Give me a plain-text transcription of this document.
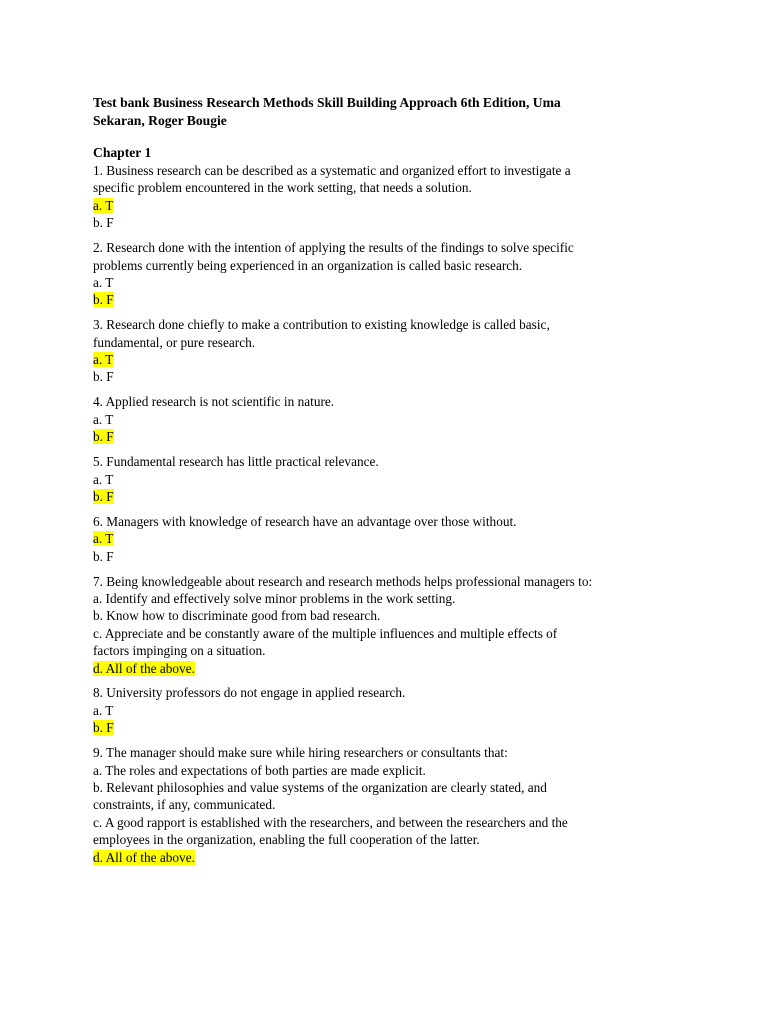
Test bank Business Research Methods Skill Building Approach 6th Edition, Uma
Sekaran, Roger Bougie
Chapter 1
1. Business research can be described as a systematic and organized effort to investigate a
specific problem encountered in the work setting, that needs a solution.
a. T
b. F
2. Research done with the intention of applying the results of the findings to solve specific
problems currently being experienced in an organization is called basic research.
a. T
b. F
3. Research done chiefly to make a contribution to existing knowledge is called basic,
fundamental, or pure research.
a. T
b. F
4. Applied research is not scientific in nature.
a. T
b. F
5. Fundamental research has little practical relevance.
a. T
b. F
6. Managers with knowledge of research have an advantage over those without.
a. T
b. F
7. Being knowledgeable about research and research methods helps professional managers to:
a. Identify and effectively solve minor problems in the work setting.
b. Know how to discriminate good from bad research.
c. Appreciate and be constantly aware of the multiple influences and multiple effects of
factors impinging on a situation.
d. All of the above.
8. University professors do not engage in applied research.
a. T
b. F
9. The manager should make sure while hiring researchers or consultants that:
a. The roles and expectations of both parties are made explicit.
b. Relevant philosophies and value systems of the organization are clearly stated, and
constraints, if any, communicated.
c. A good rapport is established with the researchers, and between the researchers and the
employees in the organization, enabling the full cooperation of the latter.
d. All of the above.
